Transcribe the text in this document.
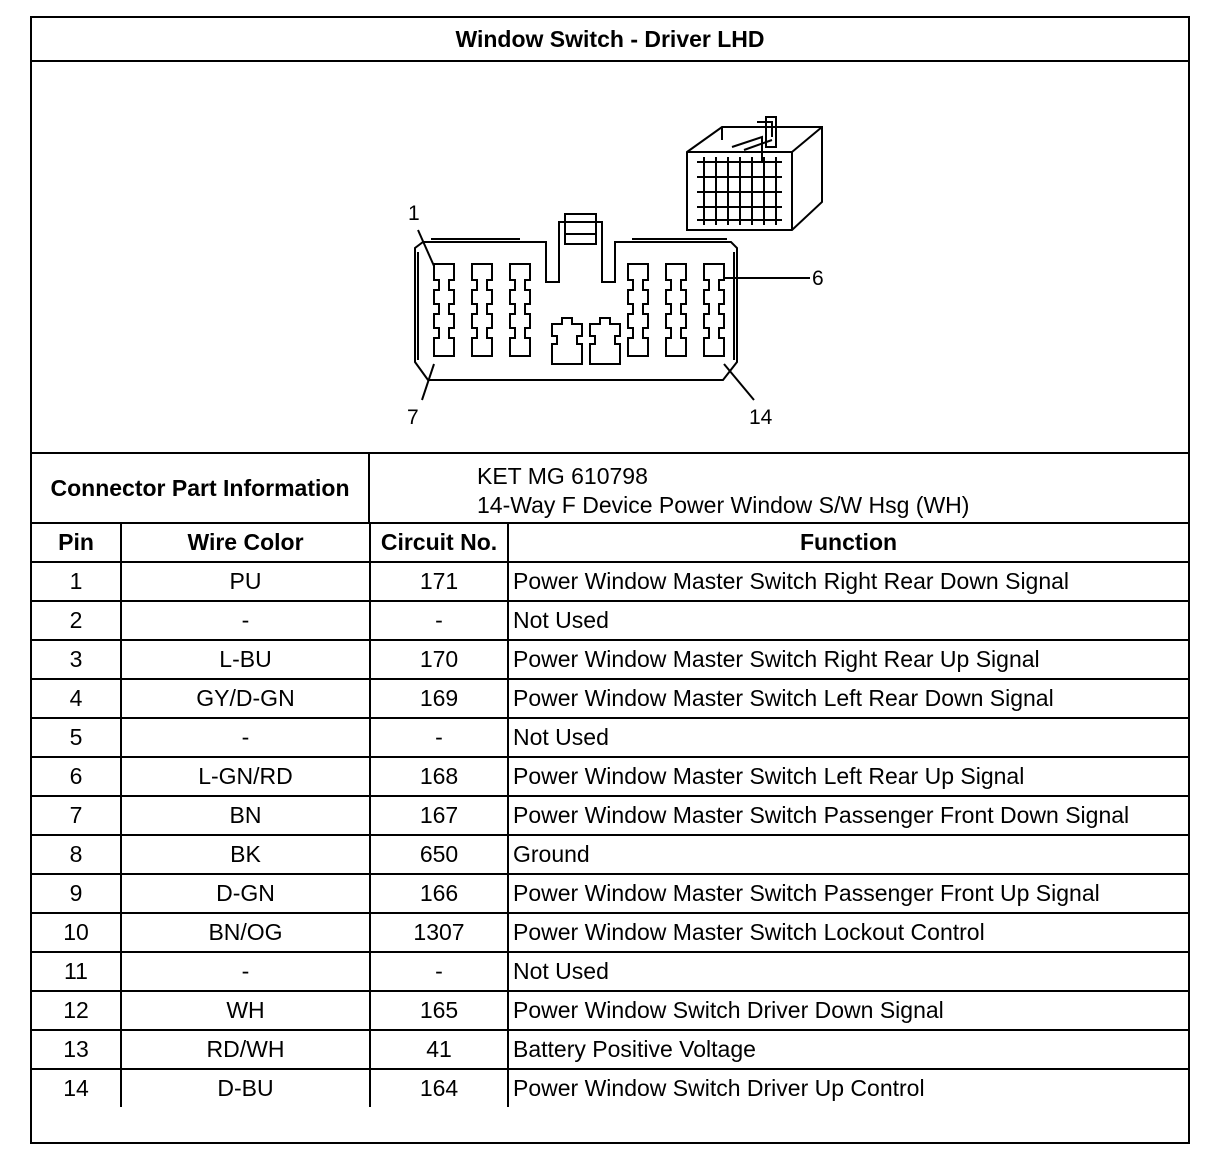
Window Switch - Driver LHD
1
6
7	14
Connector Part Information	KET MG 610798
14-Way F Device Power Window S/W Hsg (WH)
Pin	Wire Color	Circuit No.	Function
1	PU	171	Power Window Master Switch Right Rear Down Signal
2	-	-	Not Used
3	L-BU	170	Power Window Master Switch Right Rear Up Signal
4	GY/D-GN	169	Power Window Master Switch Left Rear Down Signal
5	-	-	Not Used
6	L-GN/RD	168	Power Window Master Switch Left Rear Up Signal
7	BN	167	Power Window Master Switch Passenger Front Down Signal
8	BK	650	Ground
9	D-GN	166	Power Window Master Switch Passenger Front Up Signal
10	BN/OG	1307	Power Window Master Switch Lockout Control
11	-	-	Not Used
12	WH	165	Power Window Switch Driver Down Signal
13	RD/WH	41	Battery Positive Voltage
14	D-BU	164	Power Window Switch Driver Up Control
